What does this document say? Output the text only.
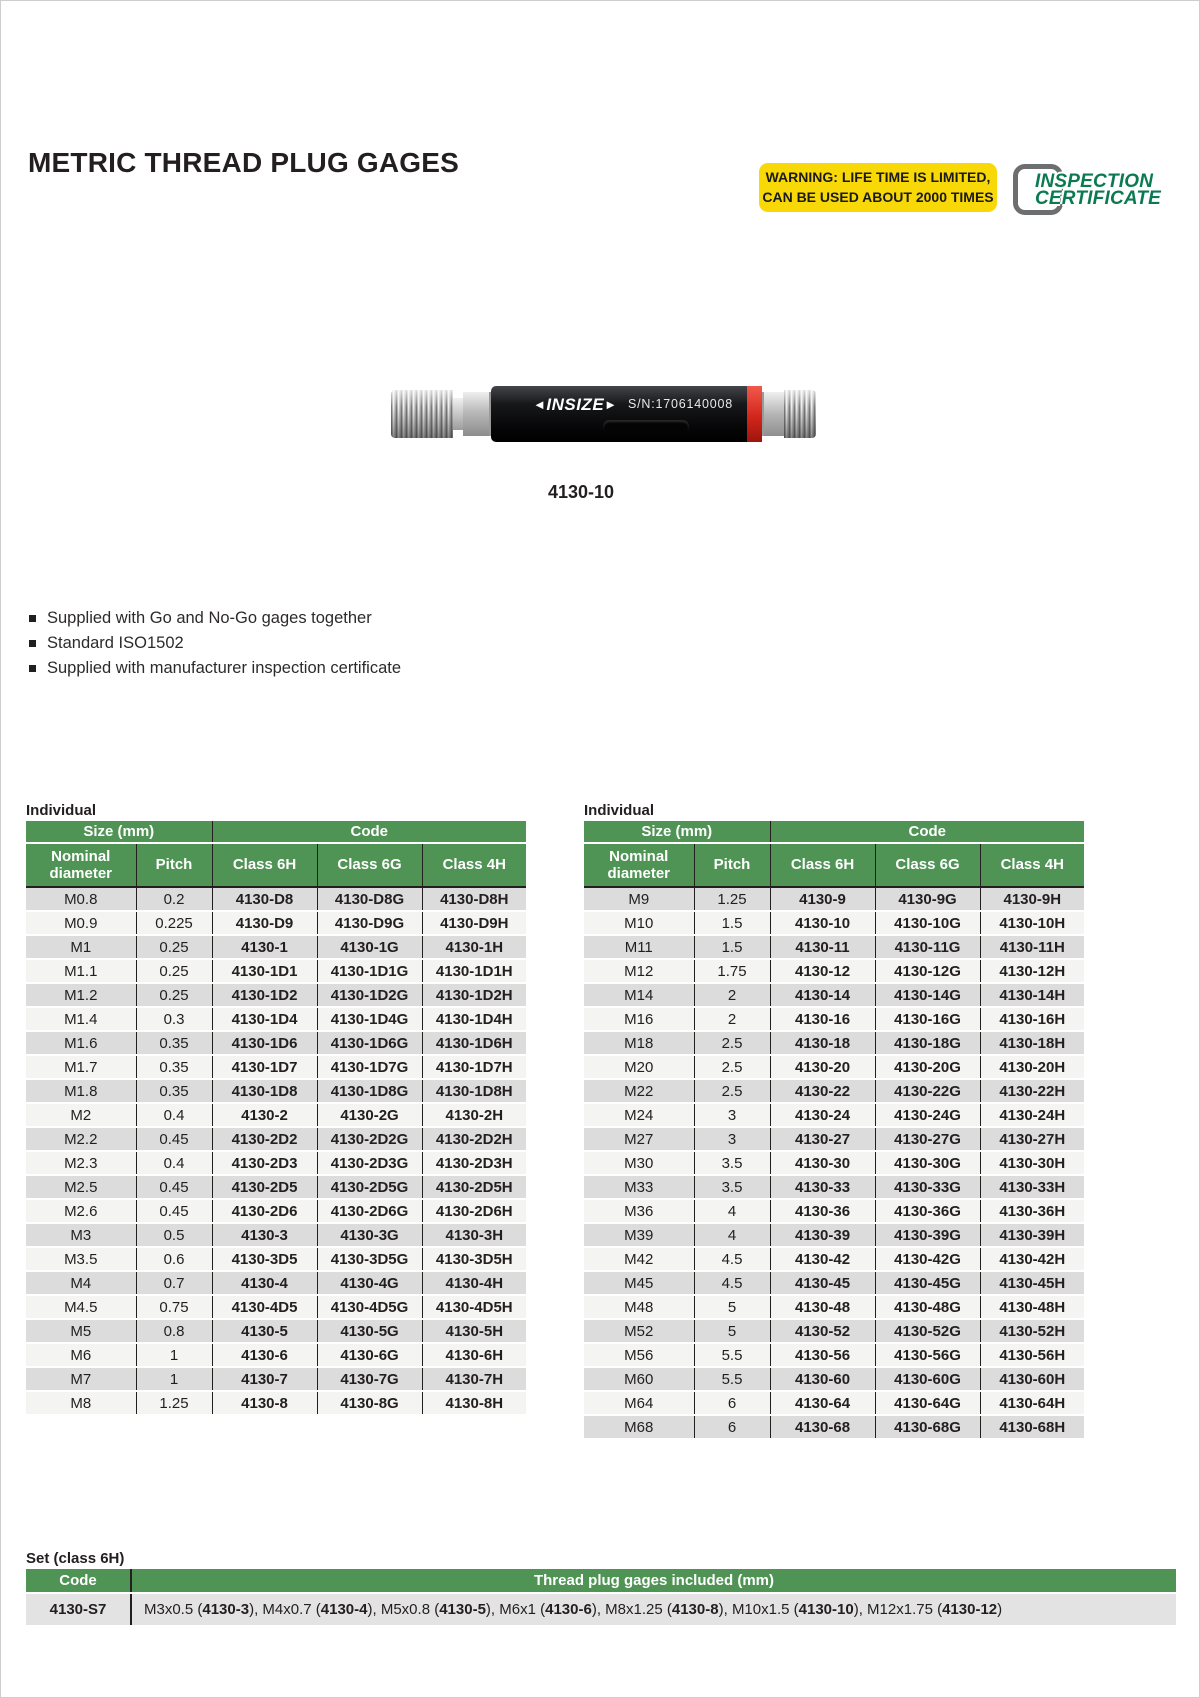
METRIC THREAD PLUG GAGES	WARNING: LIFE TIME IS LIMITED,
CAN BE USED ABOUT 2000 TIMES
INSPECTION
CERTIFICATE
◄INSIZE► S/N:1706140008
4130-10
Supplied with Go and No-Go gages together
Standard ISO1502
Supplied with manufacturer inspection certificate
Individual
Size (mm)		Code		
Nominal diameter	Pitch	Class 6H	Class 6G	Class 4H
M0.8	0.2	4130-D8	4130-D8G	4130-D8H
M0.9	0.225	4130-D9	4130-D9G	4130-D9H
M1	0.25	4130-1	4130-1G	4130-1H
M1.1	0.25	4130-1D1	4130-1D1G	4130-1D1H
M1.2	0.25	4130-1D2	4130-1D2G	4130-1D2H
M1.4	0.3	4130-1D4	4130-1D4G	4130-1D4H
M1.6	0.35	4130-1D6	4130-1D6G	4130-1D6H
M1.7	0.35	4130-1D7	4130-1D7G	4130-1D7H
M1.8	0.35	4130-1D8	4130-1D8G	4130-1D8H
M2	0.4	4130-2	4130-2G	4130-2H
M2.2	0.45	4130-2D2	4130-2D2G	4130-2D2H
M2.3	0.4	4130-2D3	4130-2D3G	4130-2D3H
M2.5	0.45	4130-2D5	4130-2D5G	4130-2D5H
M2.6	0.45	4130-2D6	4130-2D6G	4130-2D6H
M3	0.5	4130-3	4130-3G	4130-3H
M3.5	0.6	4130-3D5	4130-3D5G	4130-3D5H
M4	0.7	4130-4	4130-4G	4130-4H
M4.5	0.75	4130-4D5	4130-4D5G	4130-4D5H
M5	0.8	4130-5	4130-5G	4130-5H
M6	1	4130-6	4130-6G	4130-6H
M7	1	4130-7	4130-7G	4130-7H
M8	1.25	4130-8	4130-8G	4130-8H
Individual
Size (mm)		Code		
Nominal diameter	Pitch	Class 6H	Class 6G	Class 4H
M9	1.25	4130-9	4130-9G	4130-9H
M10	1.5	4130-10	4130-10G	4130-10H
M11	1.5	4130-11	4130-11G	4130-11H
M12	1.75	4130-12	4130-12G	4130-12H
M14	2	4130-14	4130-14G	4130-14H
M16	2	4130-16	4130-16G	4130-16H
M18	2.5	4130-18	4130-18G	4130-18H
M20	2.5	4130-20	4130-20G	4130-20H
M22	2.5	4130-22	4130-22G	4130-22H
M24	3	4130-24	4130-24G	4130-24H
M27	3	4130-27	4130-27G	4130-27H
M30	3.5	4130-30	4130-30G	4130-30H
M33	3.5	4130-33	4130-33G	4130-33H
M36	4	4130-36	4130-36G	4130-36H
M39	4	4130-39	4130-39G	4130-39H
M42	4.5	4130-42	4130-42G	4130-42H
M45	4.5	4130-45	4130-45G	4130-45H
M48	5	4130-48	4130-48G	4130-48H
M52	5	4130-52	4130-52G	4130-52H
M56	5.5	4130-56	4130-56G	4130-56H
M60	5.5	4130-60	4130-60G	4130-60H
M64	6	4130-64	4130-64G	4130-64H
M68	6	4130-68	4130-68G	4130-68H
Set (class 6H)
Code	Thread plug gages included (mm)
4130-S7	M3x0.5 (4130-3), M4x0.7 (4130-4), M5x0.8 (4130-5), M6x1 (4130-6), M8x1.25 (4130-8), M10x1.5 (4130-10), M12x1.75 (4130-12)
